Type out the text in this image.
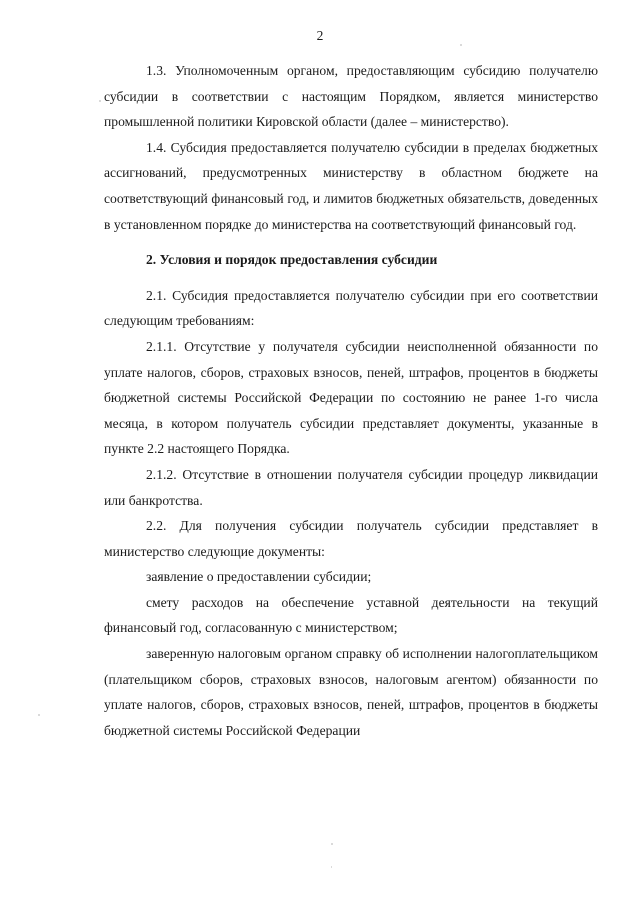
2

1.3. Уполномоченным органом, предоставляющим субсидию получателю субсидии в соответствии с настоящим Порядком, является министерство промышленной политики Кировской области (далее – министерство).

1.4. Субсидия предоставляется получателю субсидии в пределах бюджетных ассигнований, предусмотренных министерству в областном бюджете на соответствующий финансовый год, и лимитов бюджетных обязательств, доведенных в установленном порядке до министерства на соответствующий финансовый год.

2. Условия и порядок предоставления субсидии

2.1. Субсидия предоставляется получателю субсидии при его соответствии следующим требованиям:

2.1.1. Отсутствие у получателя субсидии неисполненной обязанности по уплате налогов, сборов, страховых взносов, пеней, штрафов, процентов в бюджеты бюджетной системы Российской Федерации по состоянию не ранее 1-го числа месяца, в котором получатель субсидии представляет документы, указанные в пункте 2.2 настоящего Порядка.

2.1.2. Отсутствие в отношении получателя субсидии процедур ликвидации или банкротства.

2.2. Для получения субсидии получатель субсидии представляет в министерство следующие документы:

заявление о предоставлении субсидии;

смету расходов на обеспечение уставной деятельности на текущий финансовый год, согласованную с министерством;

заверенную налоговым органом справку об исполнении налогоплательщиком (плательщиком сборов, страховых взносов, налоговым агентом) обязанности по уплате налогов, сборов, страховых взносов, пеней, штрафов, процентов в бюджеты бюджетной системы Российской Федерации
